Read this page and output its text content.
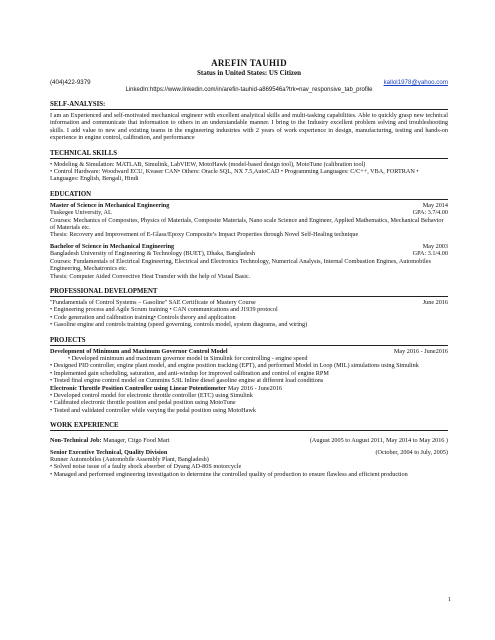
AREFIN TAUHID
Status in United States: US Citizen
(404)422-9379	kallol1978@yahoo.com
LinkedIn:https://www.linkedin.com/in/arefin-tauhid-a869546a?trk=nav_responsive_tab_profile
SELF-ANALYSIS:
I am an Experienced and self-motivated mechanical engineer with excellent analytical skills and multi-tasking capabilities. Able to quickly grasp new technical information and communicate that information to others in an understandable manner. I bring to the Industry excellent problem solving and troubleshooting skills. I add value to new and existing teams in the engineering industries with 2 years of work experience in design, manufacturing, testing and hands-on experience in engine control, calibration, and performance
TECHNICAL SKILLS
• Modeling & Simulation: MATLAB, Simulink, LabVIEW, MotoHawk (model-based design tool), MotoTune (calibration tool)
• Control Hardware: Woodward ECU, Kvaser CAN• Others: Oracle SQL, NX 7.5,AutoCAD • Programming Languages: C/C++, VBA, FORTRAN • Languages: English, Bengali, Hindi
EDUCATION
Master of Science in Mechanical Engineering	May 2014
Tuskegee University, AL	GPA: 3.7/4.00
Courses: Mechanics of Composites, Physics of Materials, Composite Materials, Nano scale Science and Engineer, Applied Mathematics, Mechanical Behavior of Materials etc.
Thesis: Recovery and Improvement of E-Glass/Epoxy Composite’s Impact Properties through Novel Self-Healing technique
Bachelor of Science in Mechanical Engineering	May 2003
Bangladesh University of Engineering & Technology (BUET), Dhaka, Bangladesh	GPA: 3.1/4.00
Courses: Fundamentals of Electrical Engineering, Electrical and Electronics Technology, Numerical Analysis, Internal Combustion Engines, Automobiles Engineering, Mechatronics etc.
Thesis: Computer Aided Convective Heat Transfer with the help of Visual Basic.
PROFESSIONAL DEVELOPMENT
"Fundamentals of Control Systems – Gasoline" SAE Certificate of Mastery Course	June 2016
• Engineering process and Agile Scrum training • CAN communications and J1939 protocol
• Code generation and calibration training• Controls theory and application
• Gasoline engine and controls training (speed governing, controls model, system diagrams, and wiring)
PROJECTS
Development of Minimum and Maximum Governor Control Model	May 2016 - June2016
• Developed minimum and maximum governor model in Simulink for controlling - engine speed
• Designed PID controller, engine plant model, and engine position tracking (EPT), and performed Model in Loop (MIL) simulations using Simulink
• Implemented gain scheduling, saturation, and anti-windup for improved calibration and control of engine RPM
• Tested final engine control model on Cummins 5.9L Inline diesel gasoline engine at different load conditions
Electronic Throttle Position Controller using Linear Potentiometer May 2016 - June2016
• Developed control model for electronic throttle controller (ETC) using Simulink
• Calibrated electronic throttle position and pedal position using MotoTune
• Tested and validated controller while varying the pedal position using MotoHawk
WORK EXPERIENCE
Non-Technical Job: Manager, Citgo Food Mart	(August 2005 to August 2011, May 2014 to May 2016 )
Senior Executive Technical, Quality Division	(October, 2004 to July, 2005)
Runner Automobiles (Automobile Assembly Plant, Bangladesh)
• Solved noise issue of a faulty shock absorber of Dyang AD-80S motorcycle
• Managed and performed engineering investigation to determine the controlled quality of production to ensure flawless and efficient production
1
